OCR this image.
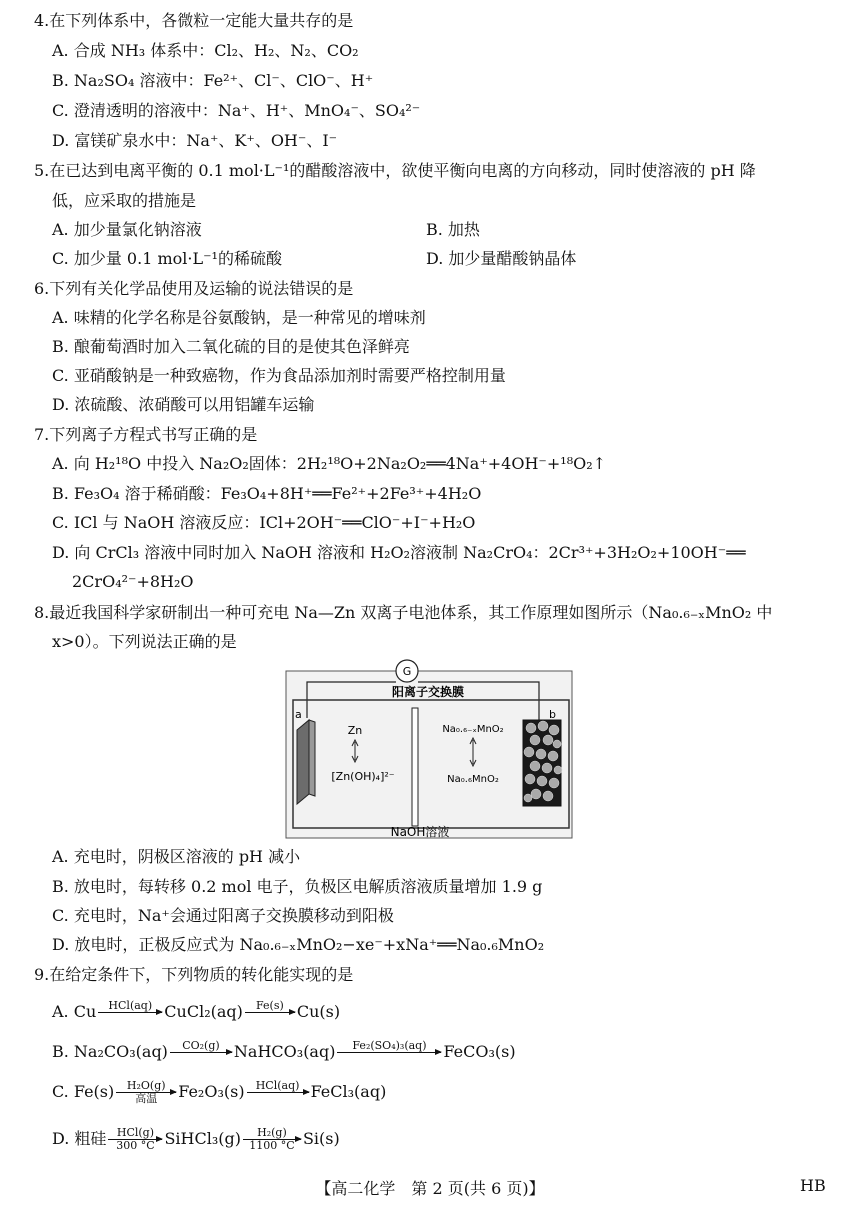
4.在下列体系中，各微粒一定能大量共存的是
A. 合成 NH₃ 体系中：Cl₂、H₂、N₂、CO₂
B. Na₂SO₄ 溶液中：Fe²⁺、Cl⁻、ClO⁻、H⁺
C. 澄清透明的溶液中：Na⁺、H⁺、MnO₄⁻、SO₄²⁻
D. 富镁矿泉水中：Na⁺、K⁺、OH⁻、I⁻
5.在已达到电离平衡的 0.1 mol·L⁻¹的醋酸溶液中，欲使平衡向电离的方向移动，同时使溶液的 pH 降
低，应采取的措施是
A. 加少量氯化钠溶液	B. 加热
C. 加少量 0.1 mol·L⁻¹的稀硫酸	D. 加少量醋酸钠晶体
6.下列有关化学品使用及运输的说法错误的是
A. 味精的化学名称是谷氨酸钠，是一种常见的增味剂
B. 酿葡萄酒时加入二氧化硫的目的是使其色泽鲜亮
C. 亚硝酸钠是一种致癌物，作为食品添加剂时需要严格控制用量
D. 浓硫酸、浓硝酸可以用铝罐车运输
7.下列离子方程式书写正确的是
A. 向 H₂¹⁸O 中投入 Na₂O₂固体：2H₂¹⁸O+2Na₂O₂══4Na⁺+4OH⁻+¹⁸O₂↑
B. Fe₃O₄ 溶于稀硝酸：Fe₃O₄+8H⁺══Fe²⁺+2Fe³⁺+4H₂O
C. ICl 与 NaOH 溶液反应：ICl+2OH⁻══ClO⁻+I⁻+H₂O
D. 向 CrCl₃ 溶液中同时加入 NaOH 溶液和 H₂O₂溶液制 Na₂CrO₄：2Cr³⁺+3H₂O₂+10OH⁻══
2CrO₄²⁻+8H₂O
8.最近我国科学家研制出一种可充电 Na—Zn 双离子电池体系，其工作原理如图所示（Na₀.₆₋ₓMnO₂ 中
x>0）。下列说法正确的是
G
阳离子交换膜
a
Zn
[Zn(OH)₄]²⁻
Na₀.₆₋ₓMnO₂
Na₀.₆MnO₂
b
NaOH溶液
A. 充电时，阴极区溶液的 pH 减小
B. 放电时，每转移 0.2 mol 电子，负极区电解质溶液质量增加 1.9 g
C. 充电时，Na⁺会通过阳离子交换膜移动到阳极
D. 放电时，正极反应式为 Na₀.₆₋ₓMnO₂−xe⁻+xNa⁺══Na₀.₆MnO₂
9.在给定条件下，下列物质的转化能实现的是
A. Cu	HCl(aq)
CuCl₂(aq)	Fe(s)
Cu(s)
B. Na₂CO₃(aq)	CO₂(g)
NaHCO₃(aq)	Fe₂(SO₄)₃(aq)
	FeCO₃(s)
C. Fe(s)	H₂O(g)
高温	Fe₂O₃(s)	HCl(aq)
FeCl₃(aq)
D. 粗硅 HCl(g)
300 °C SiHCl₃(g) $\frac{\text{H₂(g)}}{1100 ^\circ C} Si(s)$
【高二化学　第 2 页(共 6 页)】	HB
